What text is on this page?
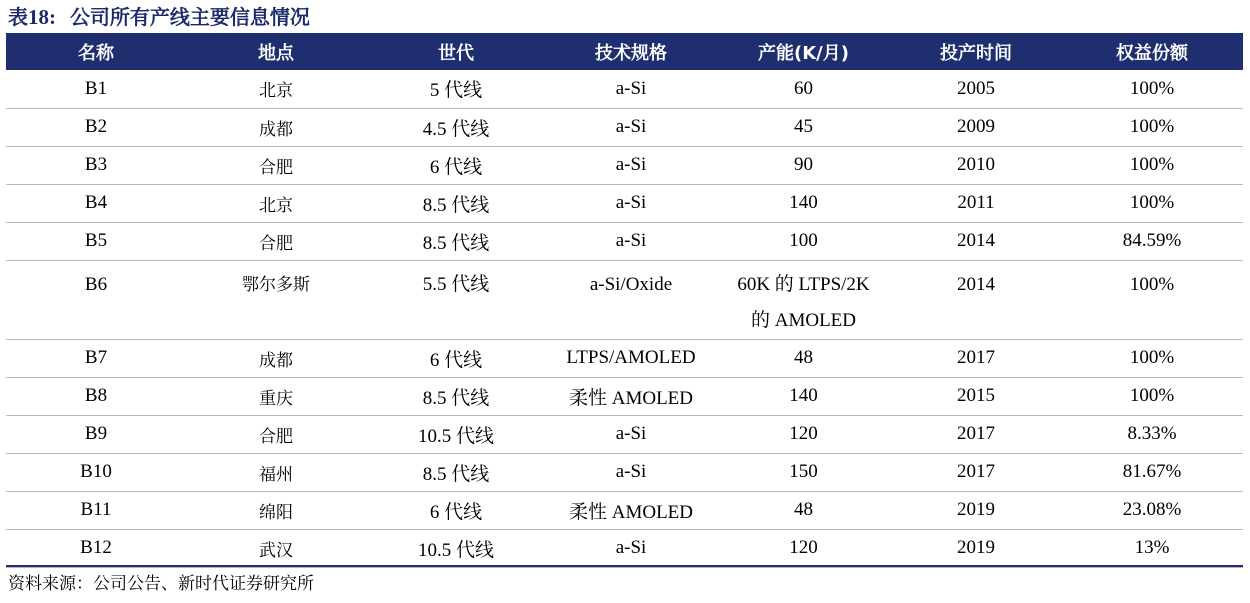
表18: 公司所有产线主要信息情况
名称	地点	世代	技术规格	产能(K/月)	投产时间	权益份额
B1	北京	5 代线	a-Si	60	2005	100%
B2	成都	4.5 代线	a-Si	45	2009	100%
B3	合肥	6 代线	a-Si	90	2010	100%
B4	北京	8.5 代线	a-Si	140	2011	100%
B5	合肥	8.5 代线	a-Si	100	2014	84.59%
B6	鄂尔多斯	5.5 代线	a-Si/Oxide	60K 的 LTPS/2K 的 AMOLED	2014	100%
B7	成都	6 代线	LTPS/AMOLED	48	2017	100%
B8	重庆	8.5 代线	柔性 AMOLED	140	2015	100%
B9	合肥	10.5 代线	a-Si	120	2017	8.33%
B10	福州	8.5 代线	a-Si	150	2017	81.67%
B11	绵阳	6 代线	柔性 AMOLED	48	2019	23.08%
B12	武汉	10.5 代线	a-Si	120	2019	13%
资料来源：公司公告、新时代证券研究所
